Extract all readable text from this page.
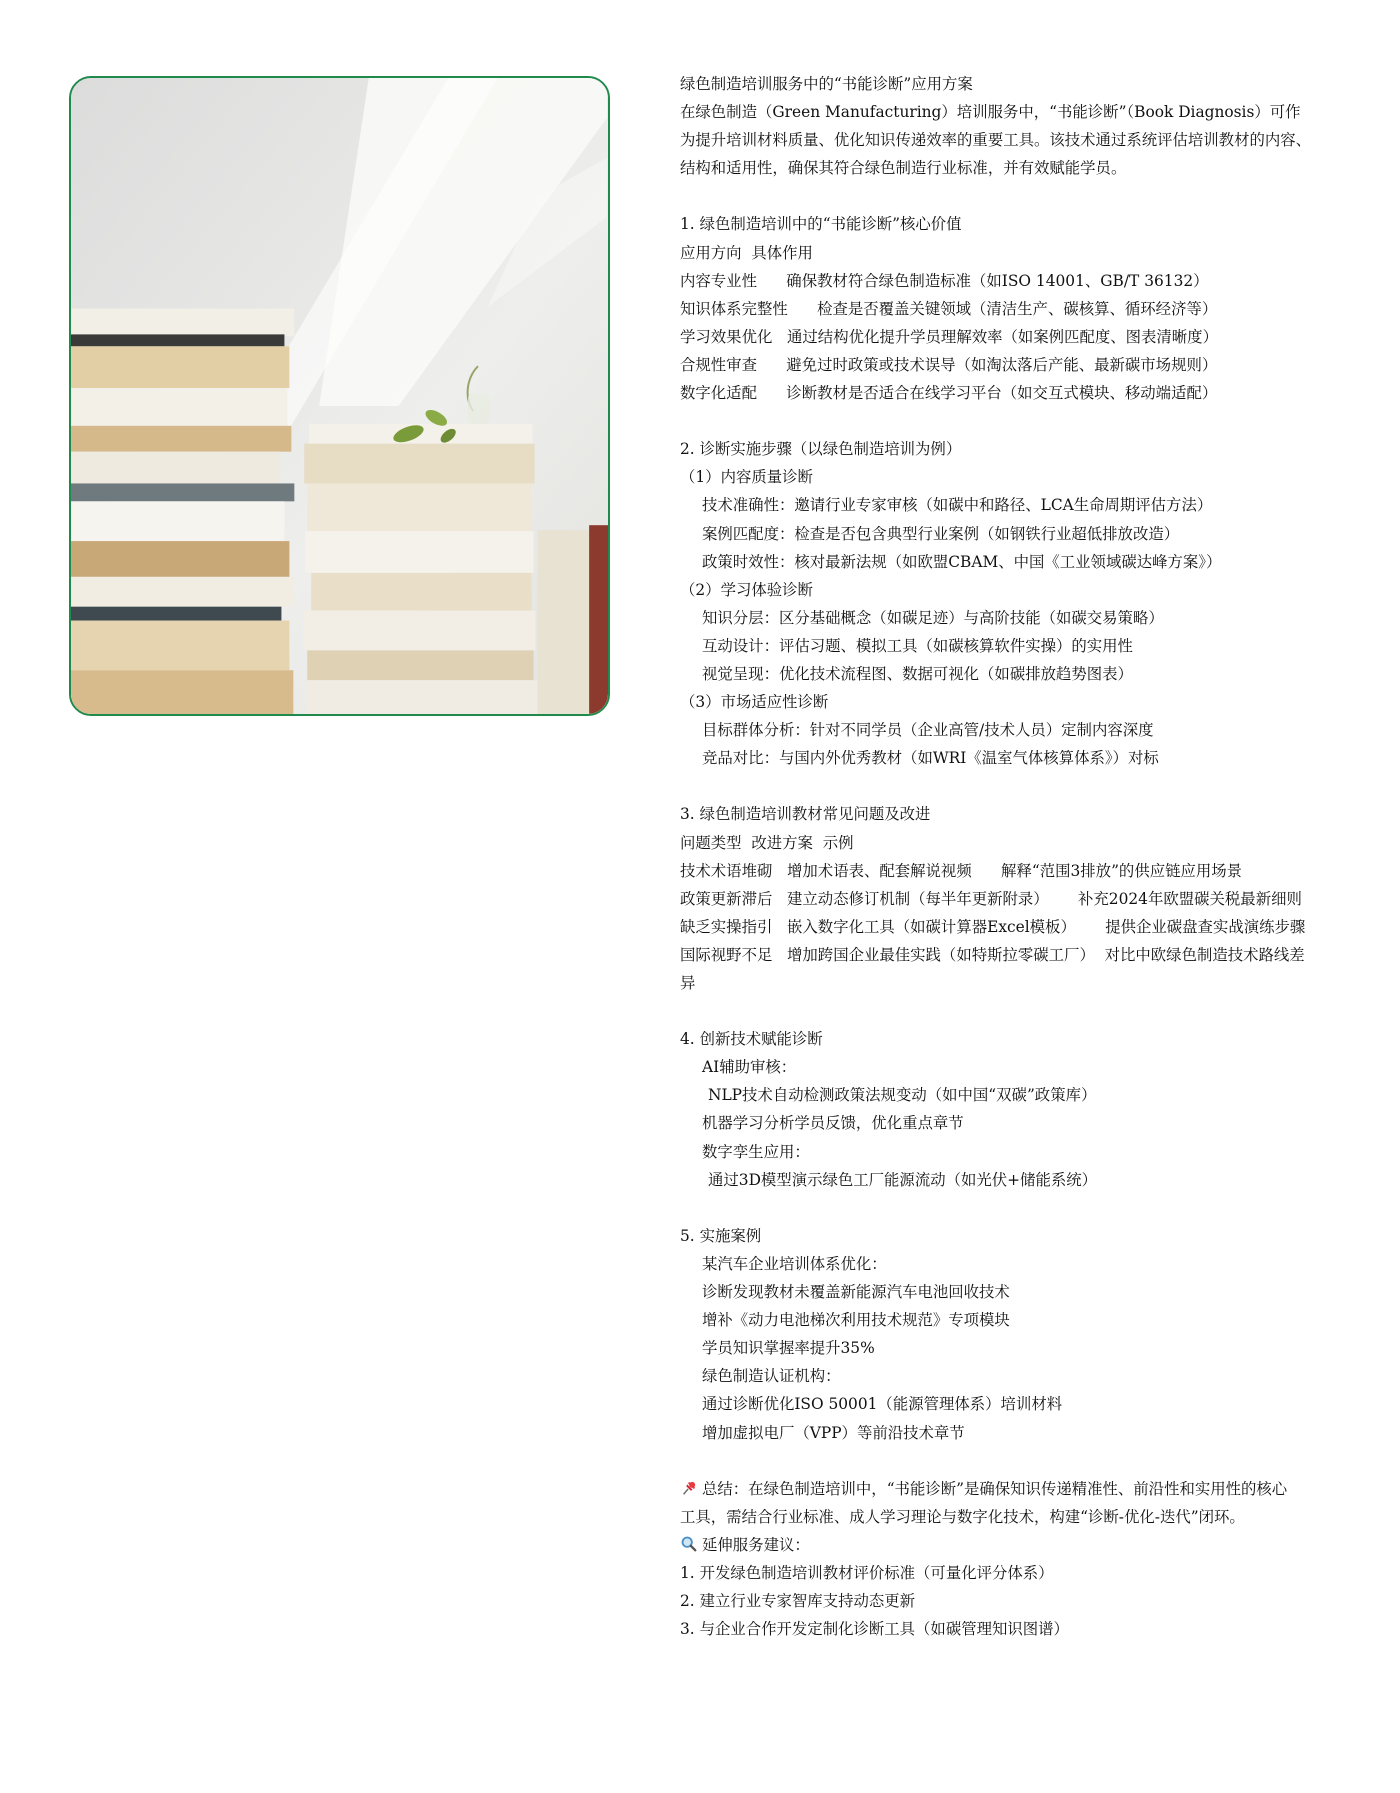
绿色制造培训服务中的“书能诊断”应用方案

在绿色制造（Green Manufacturing）培训服务中，“书能诊断”（Book Diagnosis）可作

为提升培训材料质量、优化知识传递效率的重要工具。该技术通过系统评估培训教材的内容、

结构和适用性，确保其符合绿色制造行业标准，并有效赋能学员。

1. 绿色制造培训中的“书能诊断”核心价值

应用方向  具体作用

内容专业性      确保教材符合绿色制造标准（如ISO 14001、GB/T 36132）

知识体系完整性      检查是否覆盖关键领域（清洁生产、碳核算、循环经济等）

学习效果优化   通过结构优化提升学员理解效率（如案例匹配度、图表清晰度）

合规性审查      避免过时政策或技术误导（如淘汰落后产能、最新碳市场规则）

数字化适配      诊断教材是否适合在线学习平台（如交互式模块、移动端适配）

2. 诊断实施步骤（以绿色制造培训为例）

（1）内容质量诊断

技术准确性：邀请行业专家审核（如碳中和路径、LCA生命周期评估方法）

案例匹配度：检查是否包含典型行业案例（如钢铁行业超低排放改造）

政策时效性：核对最新法规（如欧盟CBAM、中国《工业领域碳达峰方案》）

（2）学习体验诊断

知识分层：区分基础概念（如碳足迹）与高阶技能（如碳交易策略）

互动设计：评估习题、模拟工具（如碳核算软件实操）的实用性

视觉呈现：优化技术流程图、数据可视化（如碳排放趋势图表）

（3）市场适应性诊断

目标群体分析：针对不同学员（企业高管/技术人员）定制内容深度

竞品对比：与国内外优秀教材（如WRI《温室气体核算体系》）对标

3. 绿色制造培训教材常见问题及改进

问题类型  改进方案  示例

技术术语堆砌   增加术语表、配套解说视频      解释“范围3排放”的供应链应用场景

政策更新滞后   建立动态修订机制（每半年更新附录）      补充2024年欧盟碳关税最新细则

缺乏实操指引   嵌入数字化工具（如碳计算器Excel模板）      提供企业碳盘查实战演练步骤

国际视野不足   增加跨国企业最佳实践（如特斯拉零碳工厂）  对比中欧绿色制造技术路线差

异

4. 创新技术赋能诊断

AI辅助审核：

NLP技术自动检测政策法规变动（如中国“双碳”政策库）

机器学习分析学员反馈，优化重点章节

数字孪生应用：

通过3D模型演示绿色工厂能源流动（如光伏+储能系统）

5. 实施案例

某汽车企业培训体系优化：

诊断发现教材未覆盖新能源汽车电池回收技术

增补《动力电池梯次利用技术规范》专项模块

学员知识掌握率提升35%

绿色制造认证机构：

通过诊断优化ISO 50001（能源管理体系）培训材料

增加虚拟电厂（VPP）等前沿技术章节

总结：在绿色制造培训中，“书能诊断”是确保知识传递精准性、前沿性和实用性的核心

工具，需结合行业标准、成人学习理论与数字化技术，构建“诊断-优化-迭代”闭环。

延伸服务建议：

1. 开发绿色制造培训教材评价标准（可量化评分体系）

2. 建立行业专家智库支持动态更新

3. 与企业合作开发定制化诊断工具（如碳管理知识图谱）
